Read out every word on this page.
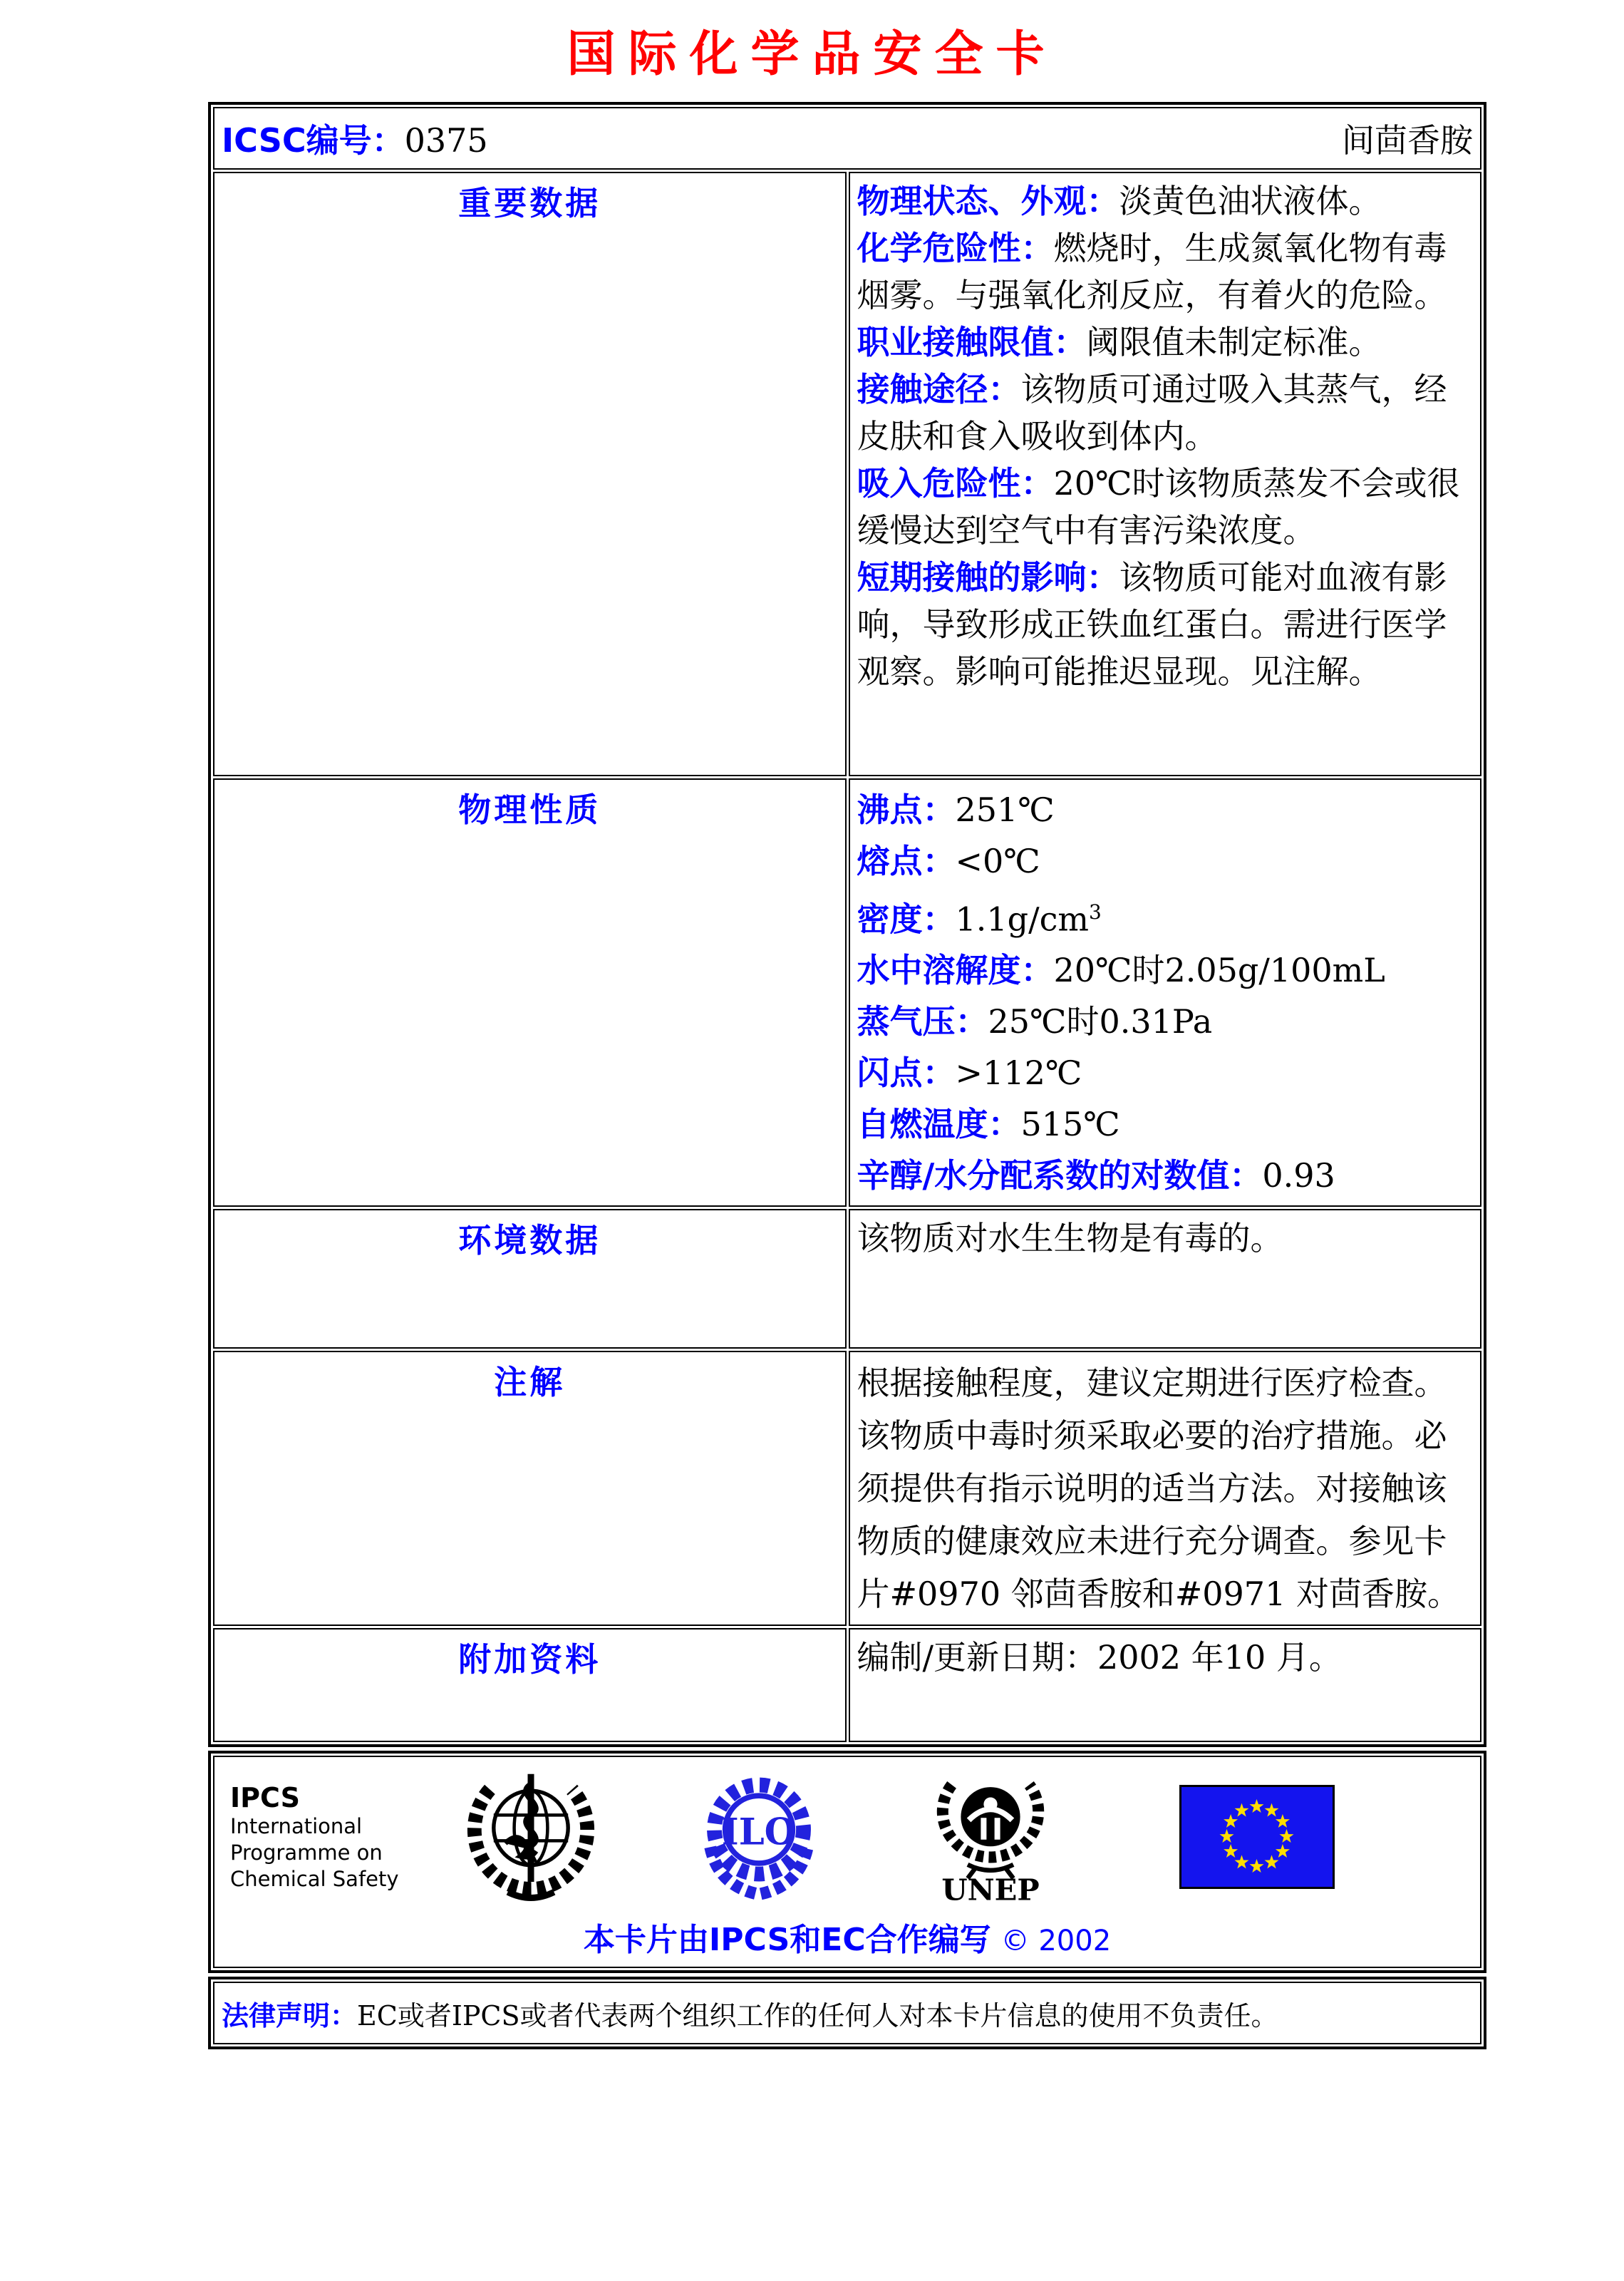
国际化学品安全卡
ICSC编号：0375 间茴香胺	

重要数据	物理状态、外观：淡黄色油状液体。

化学危险性：燃烧时，生成氮氧化物有毒烟雾。与强氧化剂反应，有着火的危险。

职业接触限值：阈限值未制定标准。

接触途径：该物质可通过吸入其蒸气，经皮肤和食入吸收到体内。

吸入危险性：20℃时该物质蒸发不会或很缓慢达到空气中有害污染浓度。

短期接触的影响：该物质可能对血液有影响，导致形成正铁血红蛋白。需进行医学观察。影响可能推迟显现。见注解。

物理性质	沸点：251℃

熔点：<0℃

密度：$1.1g/cm^3$

水中溶解度：20℃时2.05g/100mL

蒸气压：25℃时0.31Pa

闪点：>112℃

自燃温度：515℃

辛醇/水分配系数的对数值：0.93

环境数据	该物质对水生生物是有毒的。

注解	根据接触程度，建议定期进行医疗检查。该物质中毒时须采取必要的治疗措施。必须提供有指示说明的适当方法。对接触该物质的健康效应未进行充分调查。参见卡片#0970 邻茴香胺和#0971 对茴香胺。

附加资料	编制/更新日期：2002 年10 月。

IPCS
International
Programme on
Chemical Safety
ILO
UNEP
本卡片由IPCS和EC合作编写 © 2002
法律声明： EC或者IPCS或者代表两个组织工作的任何人对本卡片信息的使用不负责任。
